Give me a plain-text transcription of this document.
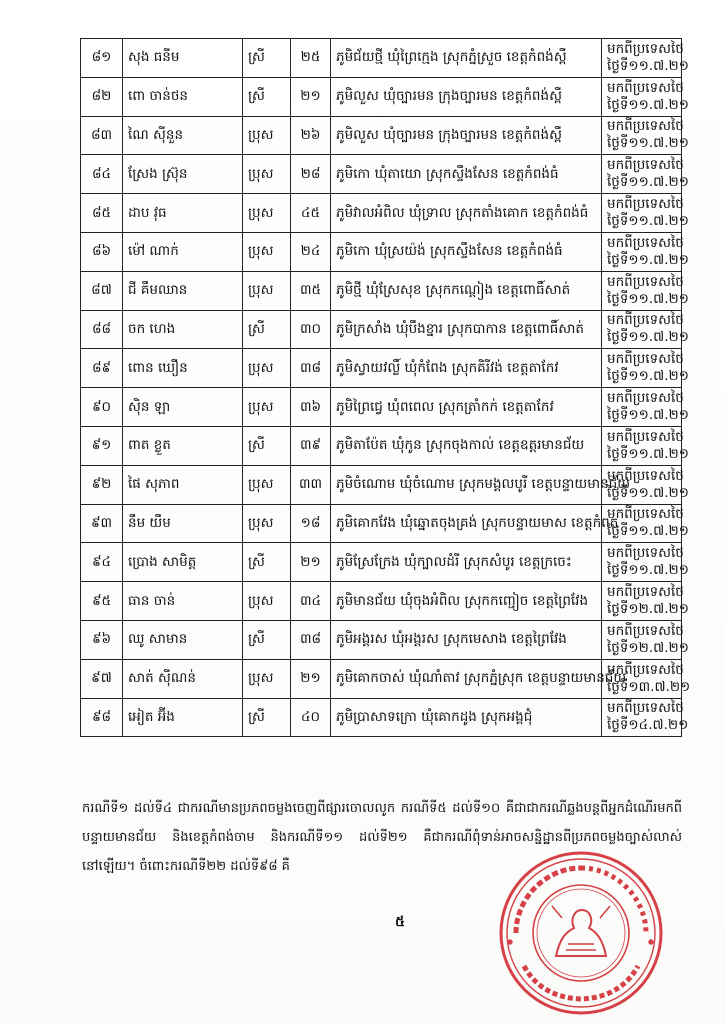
៨១	សុង ធនីម	ស្រី	២៥	ភូមិជ័យថ្មី ឃុំព្រៃក្មេង ស្រុកភ្នំស្រួច ខេត្តកំពង់ស្ពឺ	មកពីប្រទេសថៃ
ថ្ងៃទី១១.៧.២១

៨២	ពោ ចាន់ថន	ស្រី	២១	ភូមិលួស ឃុំច្បារមន ក្រុងច្បារមន ខេត្តកំពង់ស្ពឺ	មកពីប្រទេសថៃ
ថ្ងៃទី១១.៧.២១

៨៣	ណៃ ស៊ីនួន	ប្រុស	២៦	ភូមិលួស ឃុំច្បារមន ក្រុងច្បារមន ខេត្តកំពង់ស្ពឺ	មកពីប្រទេសថៃ
ថ្ងៃទី១១.៧.២១

៨៤	ស្រែង ស្រ៊ុន	ប្រុស	២៨	ភូមិកោ ឃុំតាយោ ស្រុកស្ទឹងសែន ខេត្តកំពង់ធំ	មកពីប្រទេសថៃ
ថ្ងៃទី១១.៧.២១

៨៥	ដាប វុធ	ប្រុស	៤៥	ភូមិវាលអំពិល ឃុំទ្រាល ស្រុកតាំងគោក ខេត្តកំពង់ធំ	មកពីប្រទេសថៃ
ថ្ងៃទី១១.៧.២១

៨៦	ម៉ៅ ណាក់	ប្រុស	២៤	ភូមិកោ ឃុំស្រយ៉ង់ ស្រុកស្ទឹងសែន ខេត្តកំពង់ធំ	មកពីប្រទេសថៃ
ថ្ងៃទី១១.៧.២១

៨៧	ជី គឹមឈាន	ប្រុស	៣៥	ភូមិថ្មី ឃុំស្រែសុខ ស្រុកកណ្ដៀង ខេត្តពោធិ៍សាត់	មកពីប្រទេសថៃ
ថ្ងៃទី១១.៧.២១

៨៨	ចក ហេង	ស្រី	៣០	ភូមិក្រសាំង ឃុំបឹងខ្នារ ស្រុកបាកាន ខេត្តពោធិ៍សាត់	មកពីប្រទេសថៃ
ថ្ងៃទី១១.៧.២១

៨៩	ពោន ឃឿន	ប្រុស	៣៨	ភូមិស្វាយវល្លិ៍ ឃុំកំពែង ស្រុកគិរីវង់ ខេត្តតាកែវ	មកពីប្រទេសថៃ
ថ្ងៃទី១១.៧.២១

៩០	ស៊ិន ឡា	ប្រុស	៣៦	ភូមិព្រៃជ្វេ ឃុំពពេល ស្រុកត្រាំកក់ ខេត្តតាកែវ	មកពីប្រទេសថៃ
ថ្ងៃទី១១.៧.២១

៩១	ពាត ខ្លួត	ស្រី	៣៩	ភូមិតាប៉ែត ឃុំកូន ស្រុកចុងកាល់ ខេត្តឧត្ដរមានជ័យ	មកពីប្រទេសថៃ
ថ្ងៃទី១១.៧.២១

៩២	ផៃ សុភាព	ប្រុស	៣៣	ភូមិចំណោម ឃុំចំណោម ស្រុកមង្គលបូរី ខេត្តបន្ទាយមានជ័យ	មកពីប្រទេសថៃ
ថ្ងៃទី១១.៧.២១

៩៣	នឹម យឹម	ប្រុស	១៨	ភូមិគោកវែង ឃុំឆ្នោតចុងគ្រង់ ស្រុកបន្ទាយមាស ខេត្តកំពត	មកពីប្រទេសថៃ
ថ្ងៃទី១១.៧.២១

៩៤	ប្រោង សាមិត្ត	ស្រី	២១	ភូមិស្រែក្រែង ឃុំក្បាលដំរី ស្រុកសំបូរ ខេត្តក្រចេះ	មកពីប្រទេសថៃ
ថ្ងៃទី១១.៧.២១

៩៥	ធាន ចាន់	ប្រុស	៣៤	ភូមិមានជ័យ ឃុំចុងអំពិល ស្រុកកញ្ជៀច ខេត្តព្រៃវែង	មកពីប្រទេសថៃ
ថ្ងៃទី១២.៧.២១

៩៦	ឈូ សាមាន	ស្រី	៣៨	ភូមិអង្គរស ឃុំអង្គរស ស្រុកមេសាង ខេត្តព្រៃវែង	មកពីប្រទេសថៃ
ថ្ងៃទី១២.៧.២១

៩៧	សាត់ ស៊ីណន់	ប្រុស	២១	ភូមិគោកចាស់ ឃុំណាំតាវ ស្រុកភ្នំស្រុក ខេត្តបន្ទាយមានជ័យ	មកពីប្រទេសថៃ
ថ្ងៃទី១៣.៧.២១

៩៨	អៀត អ៊ីង	ស្រី	៤០	ភូមិប្រាសាទក្រោ ឃុំគោកដូង ស្រុកអង្គជុំ	មកពីប្រទេសថៃ
ថ្ងៃទី១៤.៧.២១

ករណីទី១ ដល់ទី៤ ជាករណីមានប្រភពចម្លងចេញពីផ្សារចោលលូក ករណីទី៥ ដល់ទី១០ គឺជាជាករណីឆ្លងបន្តពីអ្នកដំណើរមកពីបន្ទាយមានជ័យ និងខេត្តកំពង់ចាម និងករណីទី១១ ដល់ទី២១ គឺជាករណីពុំទាន់អាចសន្និដ្ឋានពីប្រភពចម្លងច្បាស់លាស់នៅឡើយ។ ចំពោះករណីទី២២ ដល់ទី៩៨ គឺ

៥
